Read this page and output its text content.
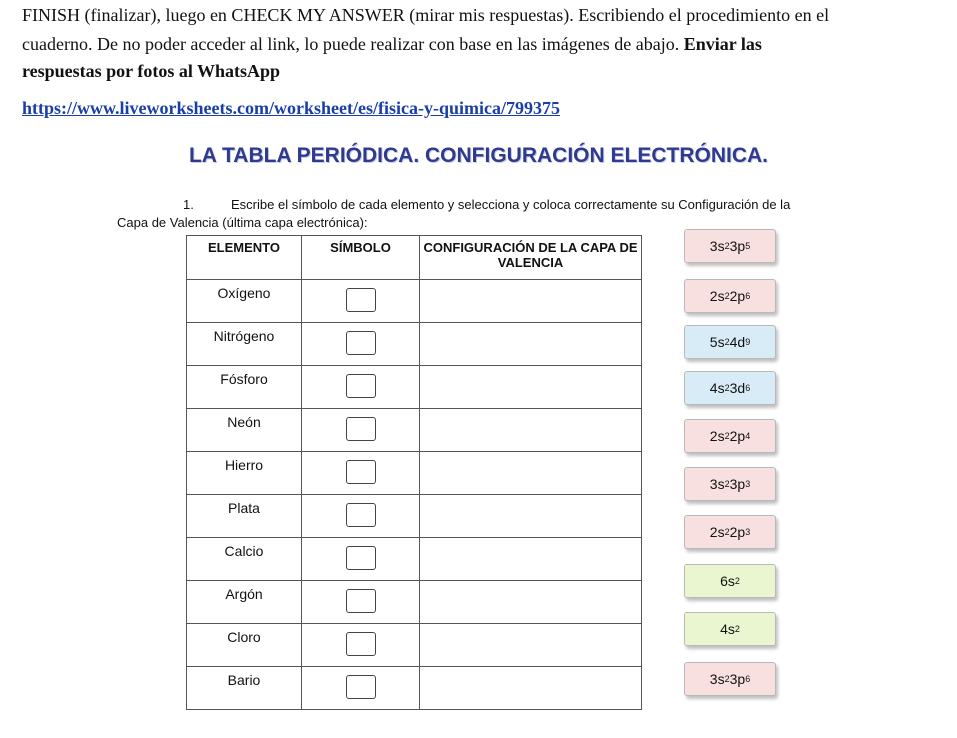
FINISH (finalizar), luego en CHECK MY ANSWER (mirar mis respuestas). Escribiendo el procedimiento en el
cuaderno. De no poder acceder al link, lo puede realizar con base en las imágenes de abajo. Enviar las
respuestas por fotos al WhatsApp
https://www.liveworksheets.com/worksheet/es/fisica-y-quimica/799375
LA TABLA PERIÓDICA. CONFIGURACIÓN ELECTRÓNICA.
1.	Escribe el símbolo de cada elemento y selecciona y coloca correctamente su Configuración de la
Capa de Valencia (última capa electrónica):
ELEMENTO	SÍMBOLO	CONFIGURACIÓN DE LA CAPA DE VALENCIA

Oxígeno		

Nitrógeno		

Fósforo		

Neón		

Hierro		

Plata		

Calcio		

Argón		

Cloro		

Bario		

3s 2 3p 5
2s 2 2p 6
5s 2 4d 9
4s 2 3d 6
2s 2 2p 4
3s 2 3p 3
2s 2 2p 3
6s 2
4s 2
3s 2 3p 6
